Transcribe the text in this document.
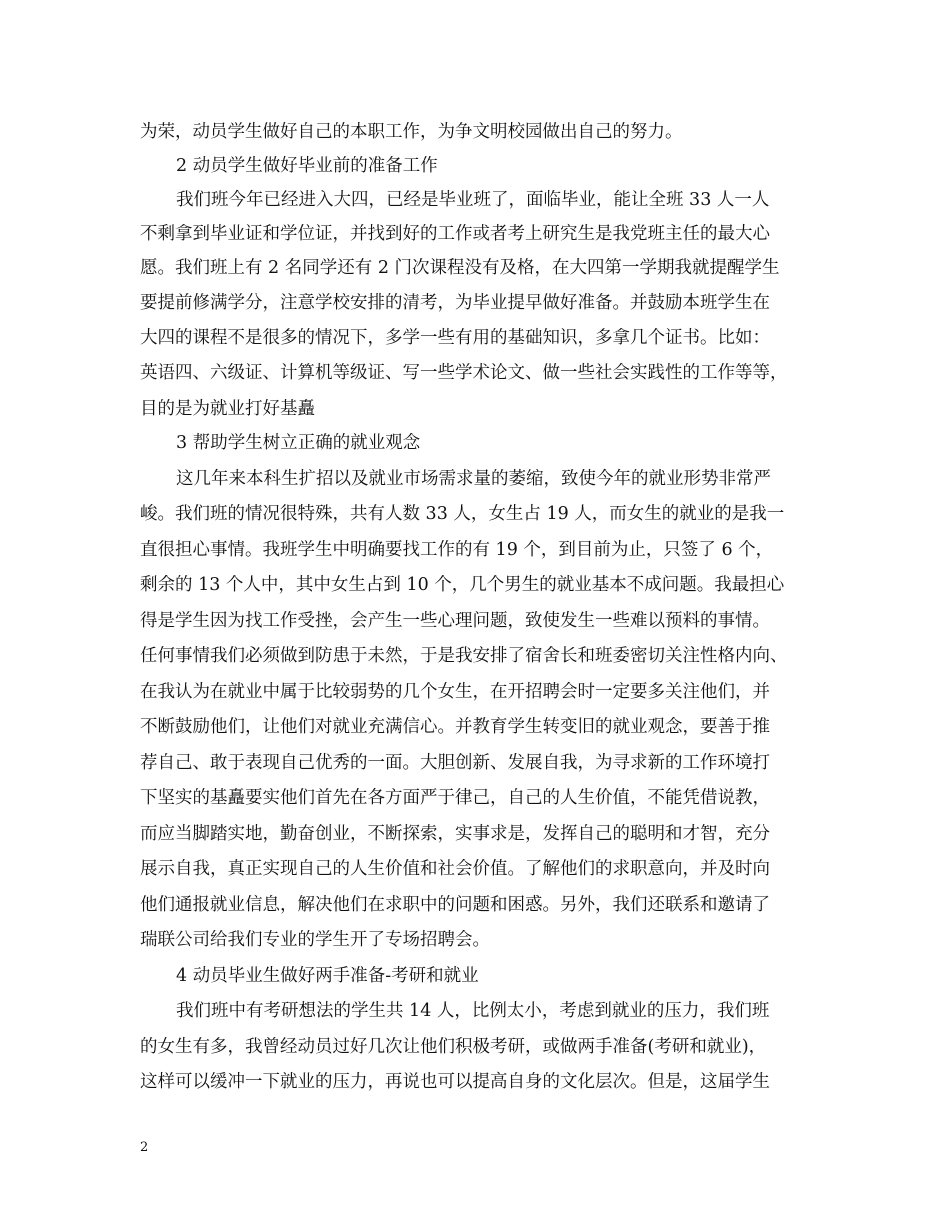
为荣，动员学生做好自己的本职工作，为争文明校园做出自己的努力。

2 动员学生做好毕业前的准备工作

我们班今年已经进入大四，已经是毕业班了，面临毕业，能让全班 33 人一人

不剩拿到毕业证和学位证，并找到好的工作或者考上研究生是我党班主任的最大心

愿。我们班上有 2 名同学还有 2 门次课程没有及格，在大四第一学期我就提醒学生

要提前修满学分，注意学校安排的清考，为毕业提早做好准备。并鼓励本班学生在

大四的课程不是很多的情况下，多学一些有用的基础知识，多拿几个证书。比如：

英语四、六级证、计算机等级证、写一些学术论文、做一些社会实践性的工作等等，

目的是为就业打好基矗

3 帮助学生树立正确的就业观念

这几年来本科生扩招以及就业市场需求量的萎缩，致使今年的就业形势非常严

峻。我们班的情况很特殊，共有人数 33 人，女生占 19 人，而女生的就业的是我一

直很担心事情。我班学生中明确要找工作的有 19 个，到目前为止，只签了 6 个，

剩余的 13 个人中，其中女生占到 10 个，几个男生的就业基本不成问题。我最担心

得是学生因为找工作受挫，会产生一些心理问题，致使发生一些难以预料的事情。

任何事情我们必须做到防患于未然，于是我安排了宿舍长和班委密切关注性格内向、

在我认为在就业中属于比较弱势的几个女生，在开招聘会时一定要多关注他们，并

不断鼓励他们，让他们对就业充满信心。并教育学生转变旧的就业观念，要善于推

荐自己、敢于表现自己优秀的一面。大胆创新、发展自我，为寻求新的工作环境打

下坚实的基矗要实他们首先在各方面严于律己，自己的人生价值，不能凭借说教，

而应当脚踏实地，勤奋创业，不断探索，实事求是，发挥自己的聪明和才智，充分

展示自我，真正实现自己的人生价值和社会价值。了解他们的求职意向，并及时向

他们通报就业信息，解决他们在求职中的问题和困惑。另外，我们还联系和邀请了

瑞联公司给我们专业的学生开了专场招聘会。

4 动员毕业生做好两手准备-考研和就业

我们班中有考研想法的学生共 14 人，比例太小，考虑到就业的压力，我们班

的女生有多，我曾经动员过好几次让他们积极考研，或做两手准备(考研和就业)，

这样可以缓冲一下就业的压力，再说也可以提高自身的文化层次。但是，这届学生

2
